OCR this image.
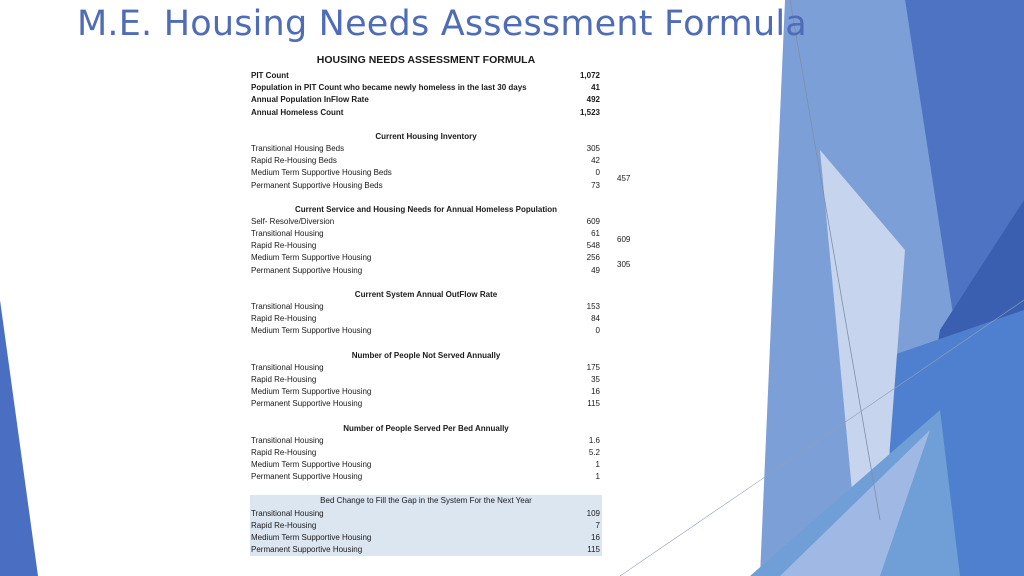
M.E. Housing Needs Assessment Formula
HOUSING NEEDS ASSESSMENT FORMULA
PIT Count	1,072
Population in PIT Count who became newly homeless in the last 30 days	41
Annual Population InFlow Rate	492
Annual Homeless Count	1,523
Current Housing Inventory
Transitional Housing Beds	305
Rapid Re-Housing Beds	42
Medium Term Supportive Housing Beds	0
Permanent Supportive Housing Beds	73
Current Service and Housing Needs for Annual Homeless Population
Self- Resolve/Diversion	609
Transitional Housing	61
Rapid Re-Housing	548
Medium Term Supportive Housing	256
Permanent Supportive Housing	49
Current System Annual OutFlow Rate
Transitional Housing	153
Rapid Re-Housing	84
Medium Term Supportive Housing	0
Number of People Not Served Annually
Transitional Housing	175
Rapid Re-Housing	35
Medium Term Supportive Housing	16
Permanent Supportive Housing	115
Number of People Served Per Bed Annually
Transitional Housing	1.6
Rapid Re-Housing	5.2
Medium Term Supportive Housing	1
Permanent Supportive Housing	1
Bed Change to Fill the Gap in the System For the Next Year
Transitional Housing	109
Rapid Re-Housing	7
Medium Term Supportive Housing	16
Permanent Supportive Housing	115
457
609
305
